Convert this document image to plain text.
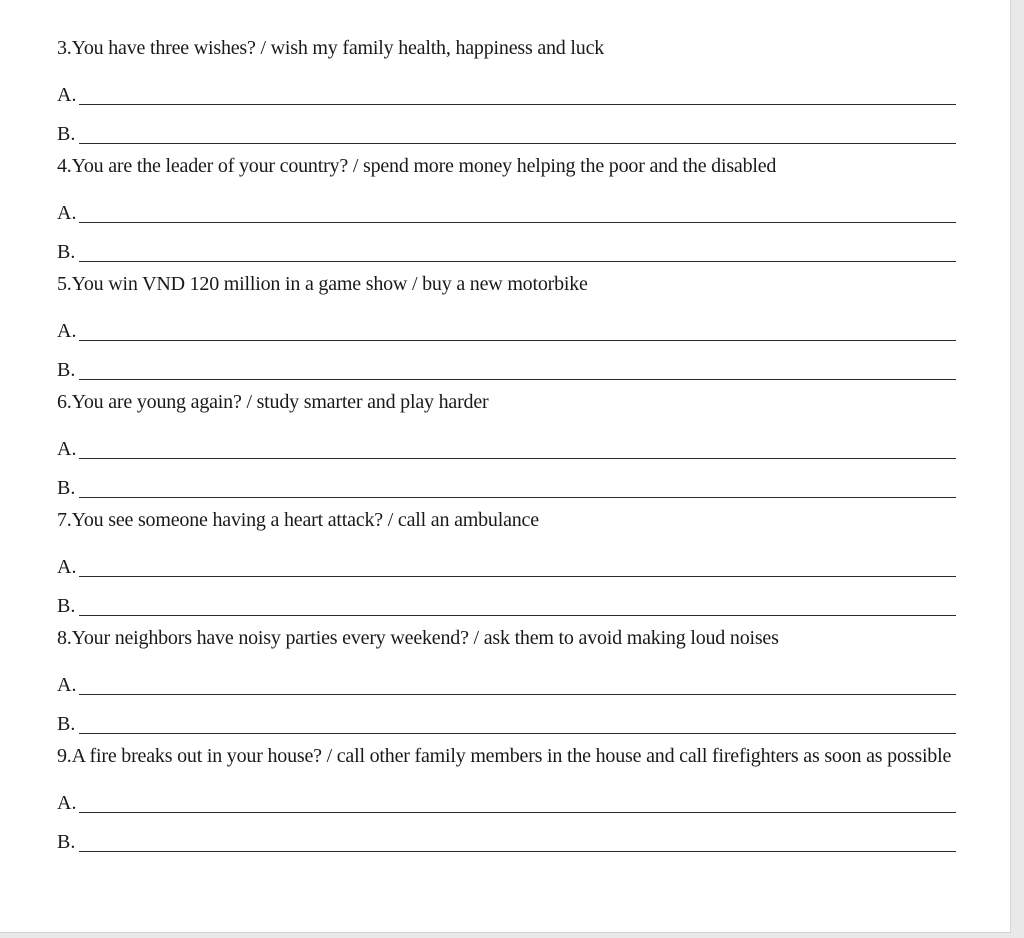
3.You have three wishes? / wish my family health, happiness and luck
A.
B.
4.You are the leader of your country? / spend more money helping the poor and the disabled
A.
B.
5.You win VND 120 million in a game show / buy a new motorbike
A.
B.
6.You are young again? / study smarter and play harder
A.
B.
7.You see someone having a heart attack? / call an ambulance
A.
B.
8.Your neighbors have noisy parties every weekend? / ask them to avoid making loud noises
A.
B.
9.A fire breaks out in your house? / call other family members in the house and call firefighters as soon as possible
A.
B.
